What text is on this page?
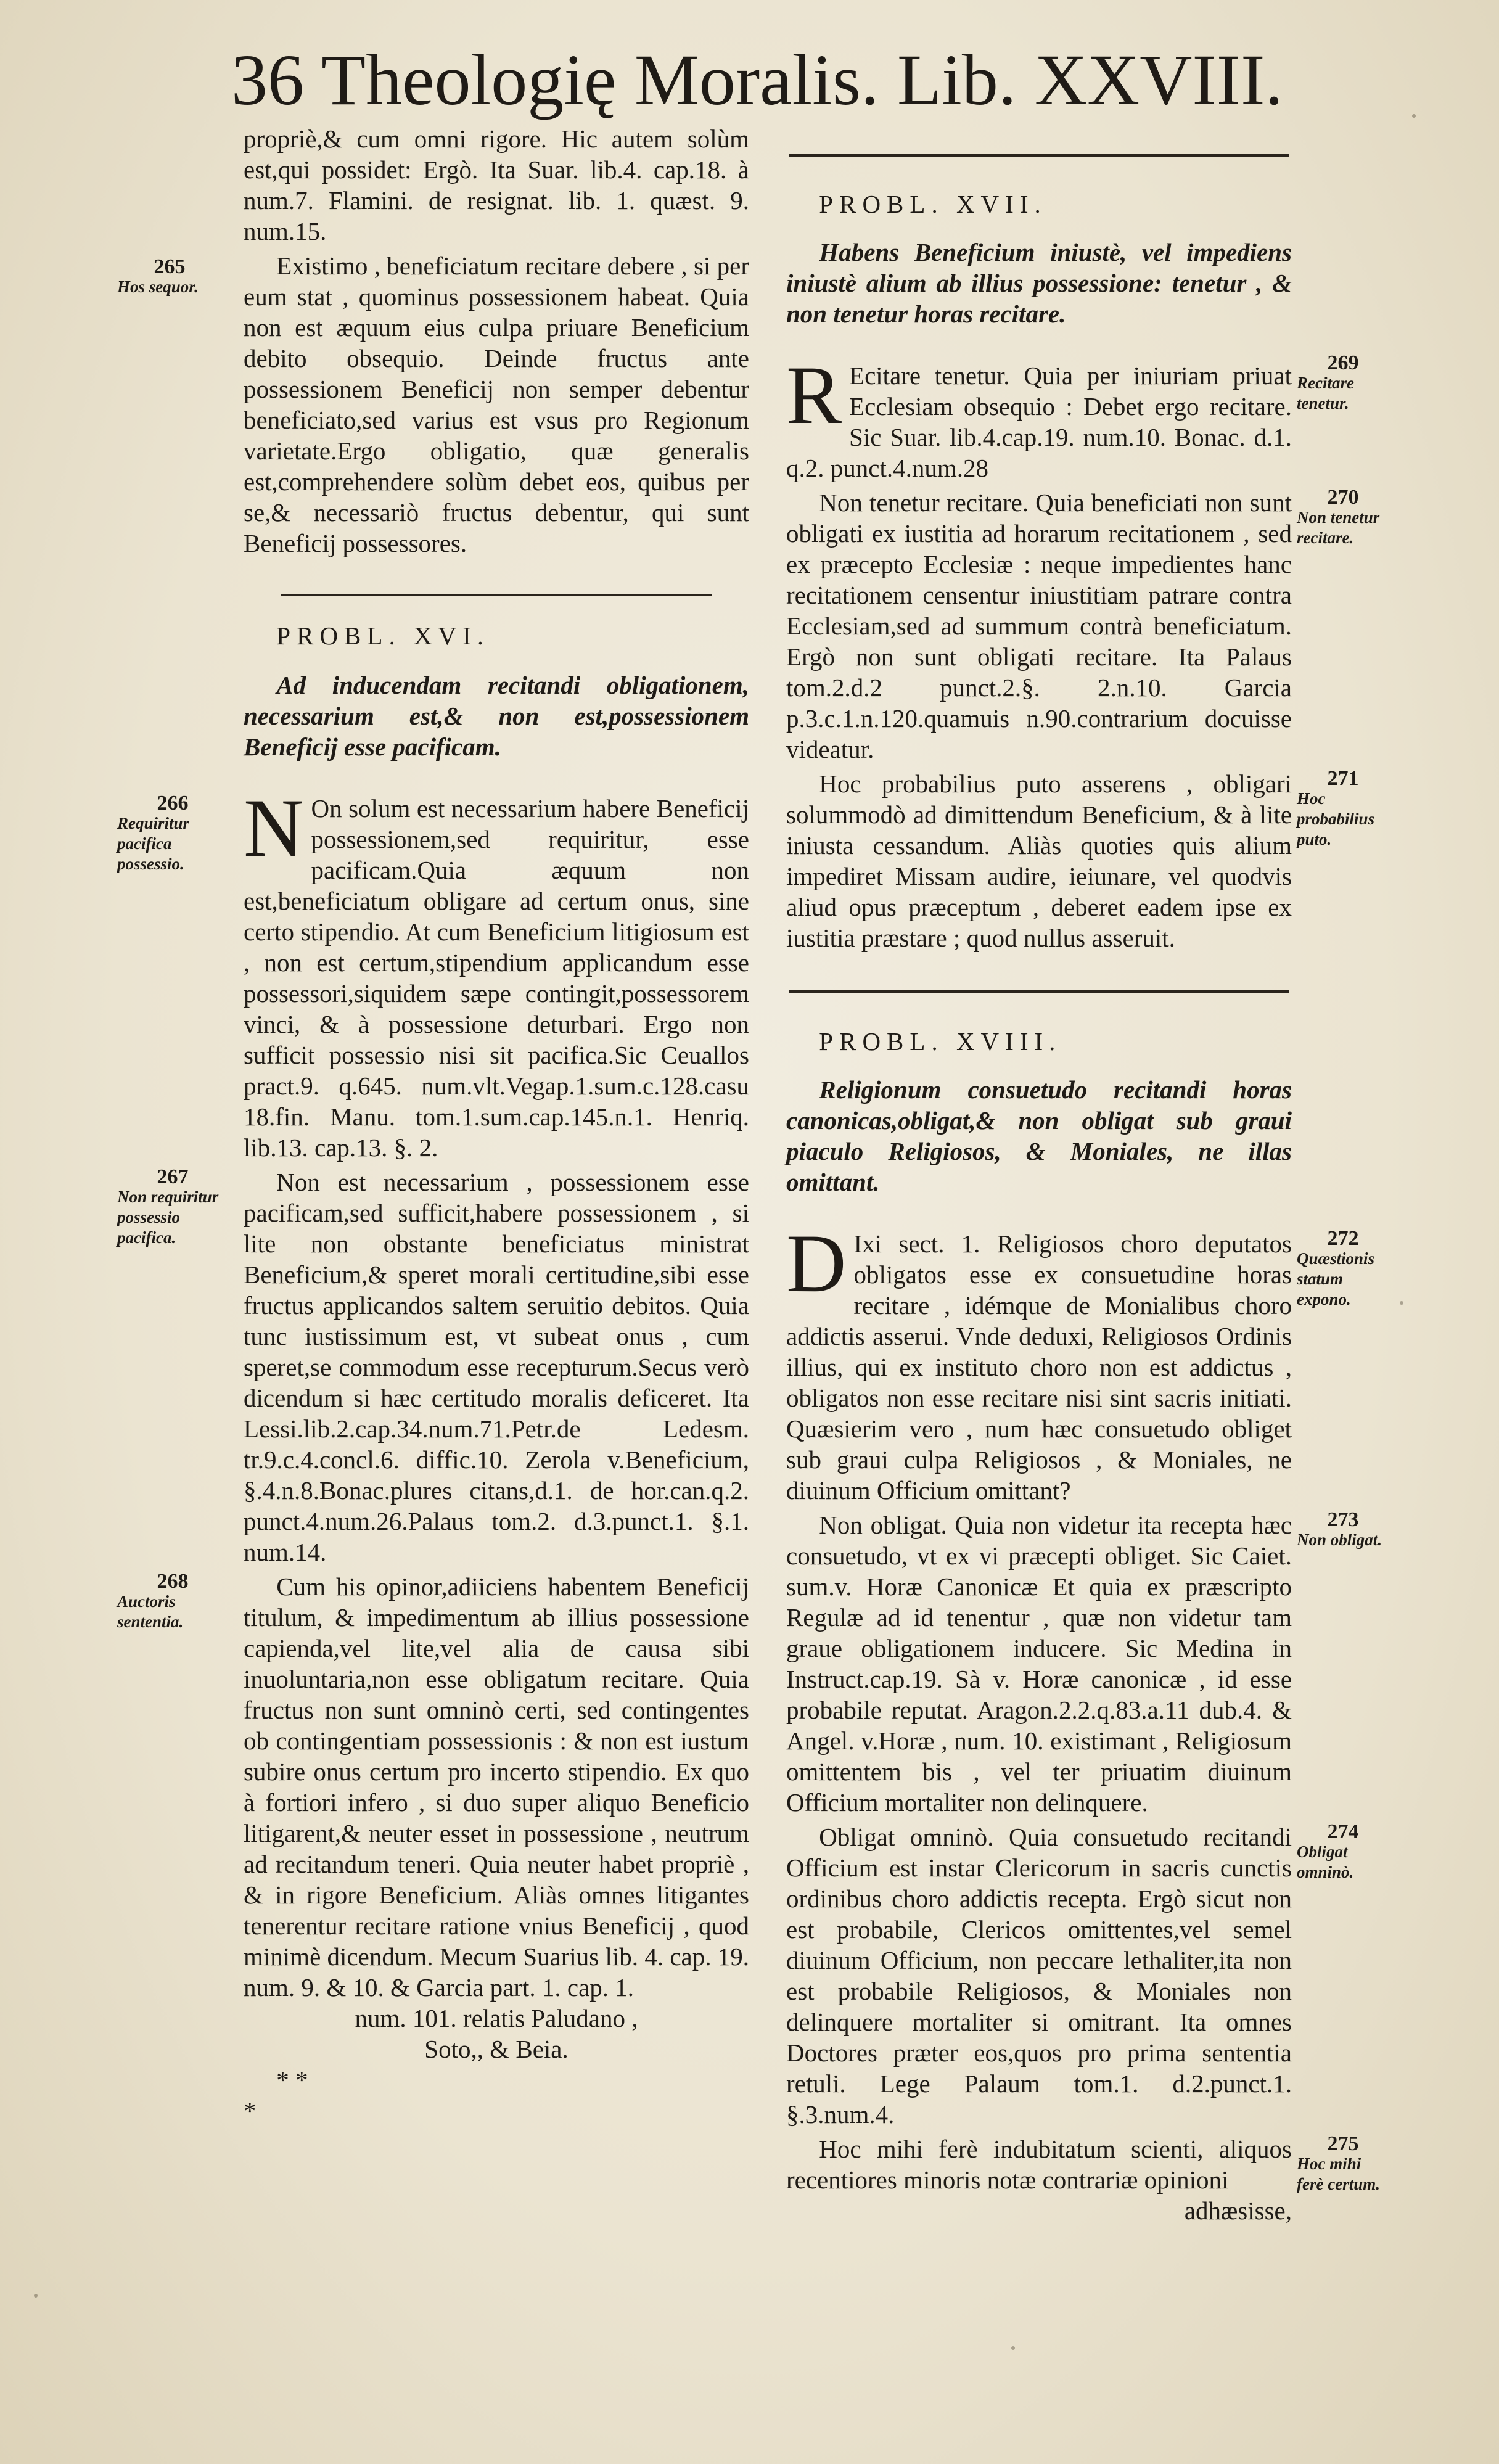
36 Theologię Moralis. Lib. XXVIII.

propriè,& cum omni rigore. Hic autem solùm est,qui possidet: Ergò. Ita Suar. lib.4. cap.18. à num.7. Flamini. de resignat. lib. 1. quæst. 9. num.15.

265
Hos sequor.

Existimo , beneficiatum recitare debere , si per eum stat , quominus possessionem habeat. Quia non est æquum eius culpa priuare Beneficium debito obsequio. Deinde fructus ante possessionem Beneficij non semper debentur beneficiato,sed varius est vsus pro Regionum varietate.Ergo obligatio, quæ generalis est,comprehendere solùm debet eos, quibus per se,& necessariò fructus debentur, qui sunt Beneficij possessores.

PROBL. XVI.

Ad inducendam recitandi obligationem, necessarium est,& non est,possessionem Beneficij esse pacificam.

266
Requiritur pacifica possessio. N On solum est necessarium habere Beneficij possessionem,sed requiritur, esse pacificam.Quia æquum non est,beneficiatum obligare ad certum onus, sine certo stipendio. At cum Beneficium litigiosum est , non est certum,stipendium applicandum esse possessori,siquidem sæpe contingit,possessorem vinci, & à possessione deturbari. Ergo non sufficit possessio nisi sit pacifica.Sic Ceuallos pract.9. q.645. num.vlt.Vegap.1.sum.c.128.casu 18.fin. Manu. tom.1.sum.cap.145.n.1. Henriq. lib.13. cap.13. §. 2.

267
Non requiritur possessio pacifica.

Non est necessarium , possessionem esse pacificam,sed sufficit,habere possessionem , si lite non obstante beneficiatus ministrat Beneficium,& speret morali certitudine,sibi esse fructus applicandos saltem seruitio debitos. Quia tunc iustissimum est, vt subeat onus , cum speret,se commodum esse recepturum.Secus verò dicendum si hæc certitudo moralis deficeret. Ita Lessi.lib.2.cap.34.num.71.Petr.de Ledesm. tr.9.c.4.concl.6. diffic.10. Zerola v.Beneficium, §.4.n.8.Bonac.plures citans,d.1. de hor.can.q.2. punct.4.num.26.Palaus tom.2. d.3.punct.1. §.1. num.14.

268
Auctoris sententia.

Cum his opinor,adiiciens habentem Beneficij titulum, & impedimentum ab illius possessione capienda,vel lite,vel alia de causa sibi inuoluntaria,non esse obligatum recitare. Quia fructus non sunt omninò certi, sed contingentes ob contingentiam possessionis : & non est iustum subire onus certum pro incerto stipendio. Ex quo à fortiori infero , si duo super aliquo Beneficio litigarent,& neuter esset in possessione , neutrum ad recitandum teneri. Quia neuter habet propriè , & in rigore Beneficium. Aliàs omnes litigantes tenerentur recitare ratione vnius Beneficij , quod minimè dicendum. Mecum Suarius lib. 4. cap. 19. num. 9. & 10. & Garcia part. 1. cap. 1.

num. 101. relatis Paludano ,

Soto,, & Beia.

* *
*

PROBL. XVII.

Habens Beneficium iniustè, vel impediens iniustè alium ab illius possessione: tenetur , & non tenetur horas recitare.

269
Recitare tenetur.
R Ecitare tenetur. Quia per iniuriam priuat Ecclesiam obsequio : Debet ergo recitare. Sic Suar. lib.4.cap.19. num.10. Bonac. d.1. q.2. punct.4.num.28

270
Non tenetur recitare.

Non tenetur recitare. Quia beneficiati non sunt obligati ex iustitia ad horarum recitationem , sed ex præcepto Ecclesiæ : neque impedientes hanc recitationem censentur iniustitiam patrare contra Ecclesiam,sed ad summum contrà beneficiatum. Ergò non sunt obligati recitare. Ita Palaus tom.2.d.2 punct.2.§. 2.n.10. Garcia p.3.c.1.n.120.quamuis n.90.contrarium docuisse videatur.

271
Hoc probabilius puto.

Hoc probabilius puto asserens , obligari solummodò ad dimittendum Beneficium, & à lite iniusta cessandum. Aliàs quoties quis alium impediret Missam audire, ieiunare, vel quodvis aliud opus præceptum , deberet eadem ipse ex iustitia præstare ; quod nullus asseruit.

PROBL. XVIII.

Religionum consuetudo recitandi horas canonicas,obligat,& non obligat sub graui piaculo Religiosos, & Moniales, ne illas omittant.

272
Quæstionis statum expono.
D Ixi sect. 1. Religiosos choro deputatos obligatos esse ex consuetudine horas recitare , idémque de Monialibus choro addictis asserui. Vnde deduxi, Religiosos Ordinis illius, qui ex instituto choro non est addictus , obligatos non esse recitare nisi sint sacris initiati. Quæsierim vero , num hæc consuetudo obliget sub graui culpa Religiosos , & Moniales, ne diuinum Officium omittant?

273
Non obligat.

Non obligat. Quia non videtur ita recepta hæc consuetudo, vt ex vi præcepti obliget. Sic Caiet. sum.v. Horæ Canonicæ Et quia ex præscripto Regulæ ad id tenentur , quæ non videtur tam graue obligationem inducere. Sic Medina in Instruct.cap.19. Sà v. Horæ canonicæ , id esse probabile reputat. Aragon.2.2.q.83.a.11 dub.4. & Angel. v.Horæ , num. 10. existimant , Religiosum omittentem bis , vel ter priuatim diuinum Officium mortaliter non delinquere.

274
Obligat omninò.

Obligat omninò. Quia consuetudo recitandi Officium est instar Clericorum in sacris cunctis ordinibus choro addictis recepta. Ergò sicut non est probabile, Clericos omittentes,vel semel diuinum Officium, non peccare lethaliter,ita non est probabile Religiosos, & Moniales non delinquere mortaliter si omitrant. Ita omnes Doctores præter eos,quos pro prima sententia retuli. Lege Palaum tom.1. d.2.punct.1. §.3.num.4.

275
Hoc mihi ferè certum.

Hoc mihi ferè indubitatum scienti, aliquos recentiores minoris notæ contrariæ opinioni

adhæsisse,
